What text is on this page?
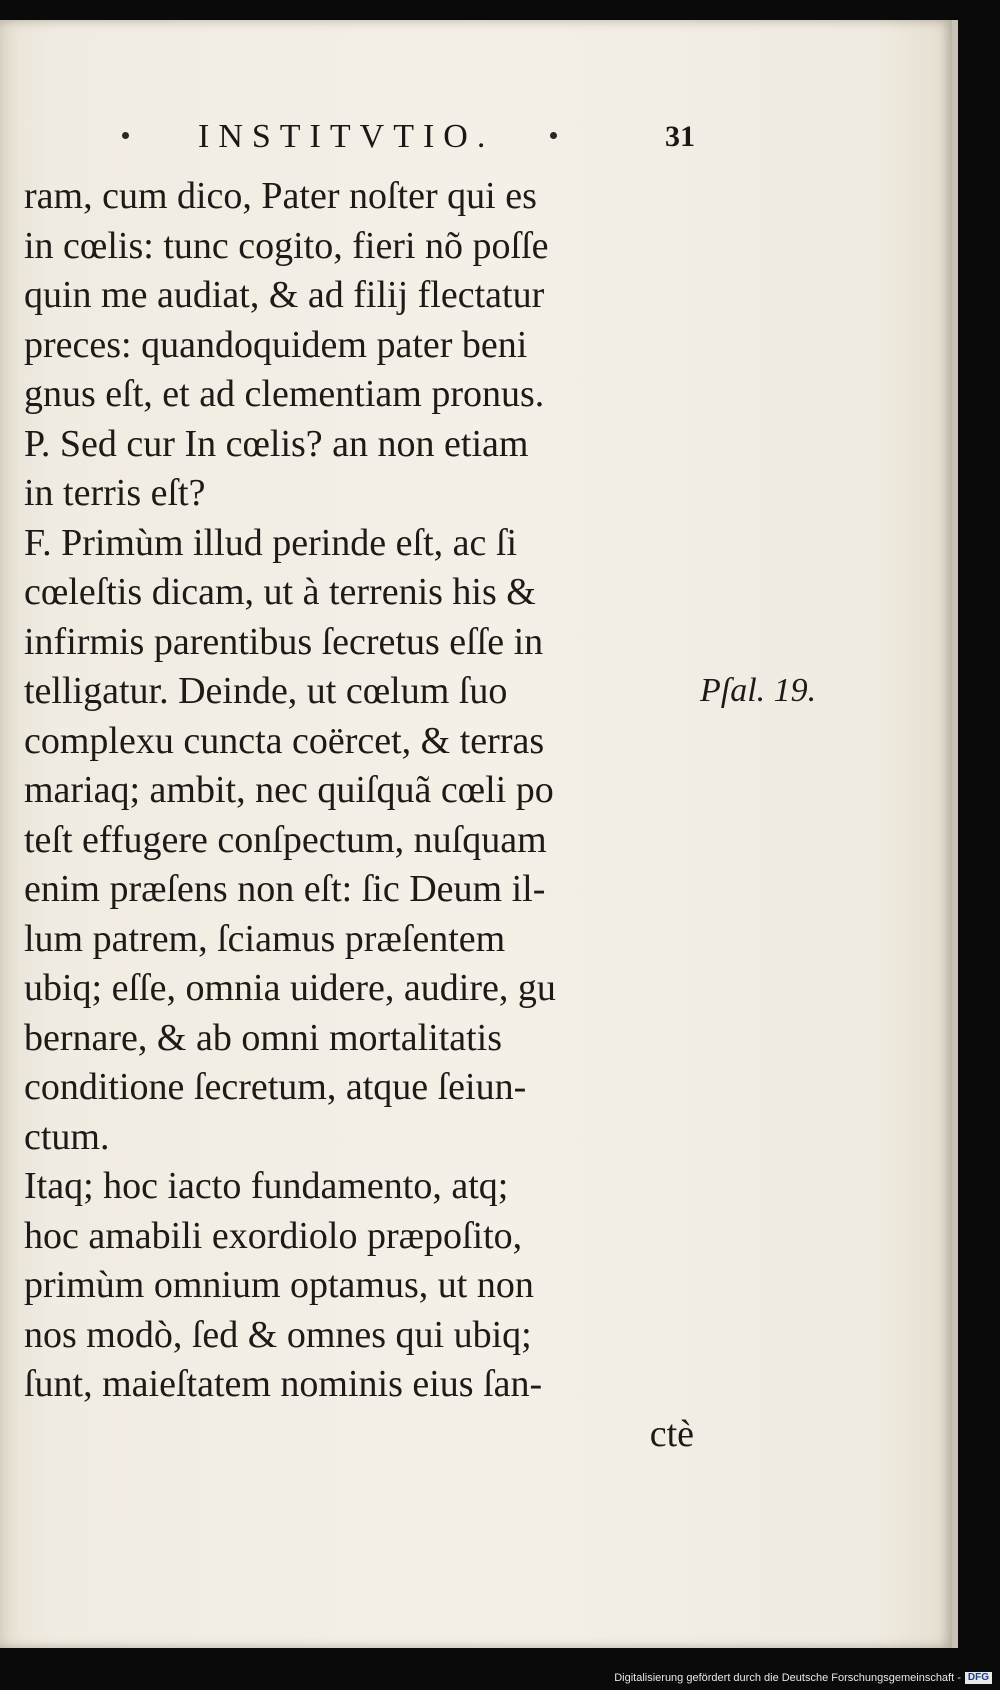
INSTITVTIO.	31
ram, cum dico, Pater noſter qui es
in cœlis: tunc cogito, fieri nõ poſſe
quin me audiat, & ad filij flectatur
preces: quandoquidem pater beni
gnus eſt, et ad clementiam pronus.
P. Sed cur In cœlis? an non etiam
in terris eſt?
F. Primùm illud perinde eſt, ac ſi
cœleſtis dicam, ut à terrenis his &
infirmis parentibus ſecretus eſſe in
telligatur. Deinde, ut cœlum ſuo
complexu cuncta coërcet, & terras
mariaq; ambit, nec quiſquã cœli po
teſt effugere conſpectum, nuſquam
enim præſens non eſt: ſic Deum il-
lum patrem, ſciamus præſentem
ubiq; eſſe, omnia uidere, audire, gu
bernare, & ab omni mortalitatis
conditione ſecretum, atque ſeiun-
ctum.
Itaq; hoc iacto fundamento, atq;
hoc amabili exordiolo præpoſito,
primùm omnium optamus, ut non
nos modò, ſed & omnes qui ubiq;
ſunt, maieſtatem nominis eius ſan-
ctè
Pſal. 19.
Digitalisierung gefördert durch die Deutsche Forschungsgemeinschaft - DFG
